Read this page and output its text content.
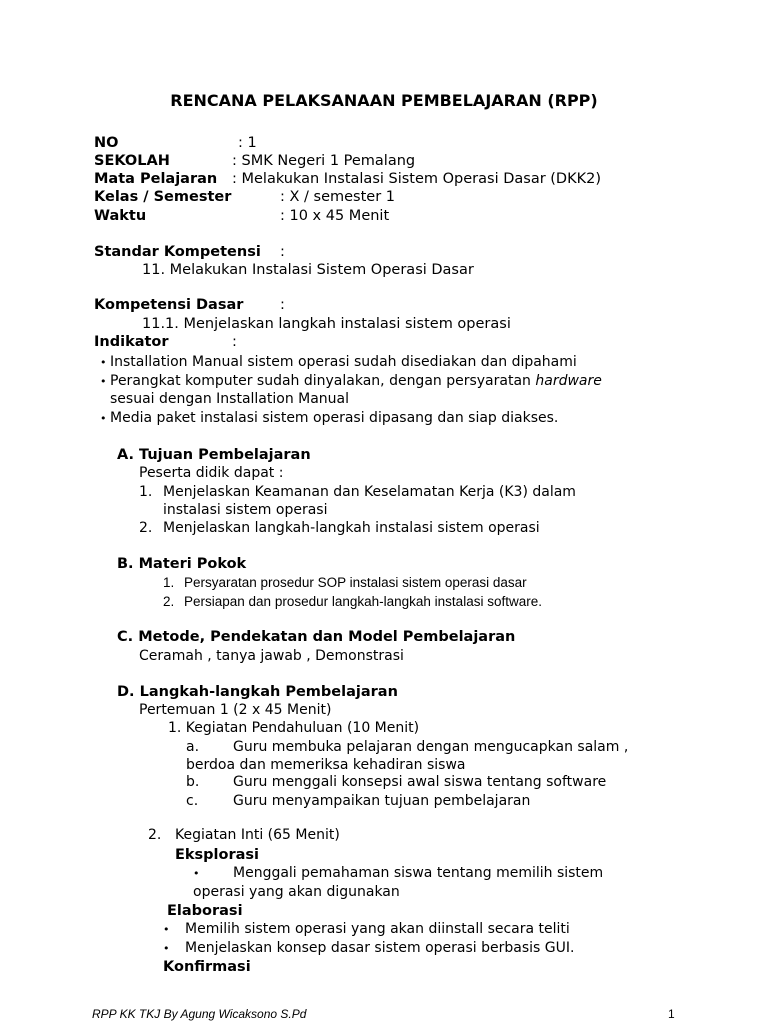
RENCANA PELAKSANAAN PEMBELAJARAN (RPP)
NO	: 1
SEKOLAH	: SMK Negeri 1 Pemalang
Mata Pelajaran : Melakukan Instalasi Sistem Operasi Dasar (DKK2)
Kelas / Semester	: X / semester 1
Waktu	: 10 x 45 Menit
Standar Kompetensi :
11. Melakukan Instalasi Sistem Operasi Dasar
Kompetensi Dasar	:
11.1. Menjelaskan langkah instalasi sistem operasi
Indikator	:
• Installation Manual sistem operasi sudah disediakan dan dipahami
• Perangkat komputer sudah dinyalakan, dengan persyaratan hardware
sesuai dengan Installation Manual
• Media paket instalasi sistem operasi dipasang dan siap diakses.
A. Tujuan Pembelajaran
Peserta didik dapat :
1. Menjelaskan Keamanan dan Keselamatan Kerja (K3) dalam
instalasi sistem operasi
2. Menjelaskan langkah-langkah instalasi sistem operasi
B. Materi Pokok
1. Persyaratan prosedur SOP instalasi sistem operasi dasar
2. Persiapan dan prosedur langkah-langkah instalasi software.
C. Metode, Pendekatan dan Model Pembelajaran
Ceramah , tanya jawab , Demonstrasi
D. Langkah-langkah Pembelajaran
Pertemuan 1 (2 x 45 Menit)
1. Kegiatan Pendahuluan (10 Menit)
a. Guru membuka pelajaran dengan mengucapkan salam ,
berdoa dan memeriksa kehadiran siswa
b. Guru menggali konsepsi awal siswa tentang software
c. Guru menyampaikan tujuan pembelajaran
2. Kegiatan Inti (65 Menit)
Eksplorasi
• Menggali pemahaman siswa tentang memilih sistem
operasi yang akan digunakan
Elaborasi
• Memilih sistem operasi yang akan diinstall secara teliti
• Menjelaskan konsep dasar sistem operasi berbasis GUI.
Konfirmasi
RPP KK TKJ By Agung Wicaksono S.Pd	1
